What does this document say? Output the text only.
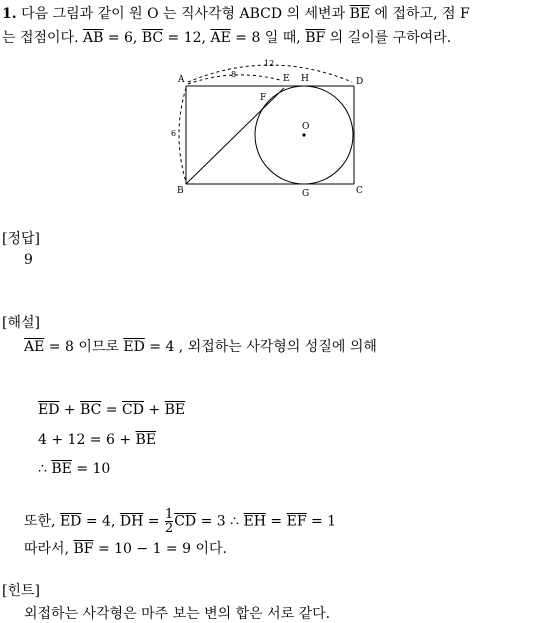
1. 다음 그림과 같이 원 O 는 직사각형 ABCD 의 세변과 $\overline{BE}$ 에 접하고, 점 F

는 접점이다. $\overline{AB} = 6$, $\overline{BC} = 12$, $\overline{AE} = 8$ 일 때, $\overline{BF}$ 의 길이를 구하여라.

A
B	C
D
E H
F
G
O
12
8
6
[정답]
9
[해설]
$\overline{AE} = 8$ 이므로 $\overline{ED} = 4$ , 외접하는 사각형의 성질에 의해
$\overline{ED} + \overline{BC} = \overline{CD} + \overline{BE}$
$4 + 12 = 6 + \overline{BE}$
∴ $\overline{BE} = 10$
또한, $\overline{ED} = 4$, $\overline{DH} = \frac{1}{2} \overline{CD} = 3$ ∴ $\overline{EH} = \overline{EF} = 1$
따라서, $\overline{BF} = 10 - 1 = 9$ 이다.
[힌트]
외접하는 사각형은 마주 보는 변의 합은 서로 같다.
